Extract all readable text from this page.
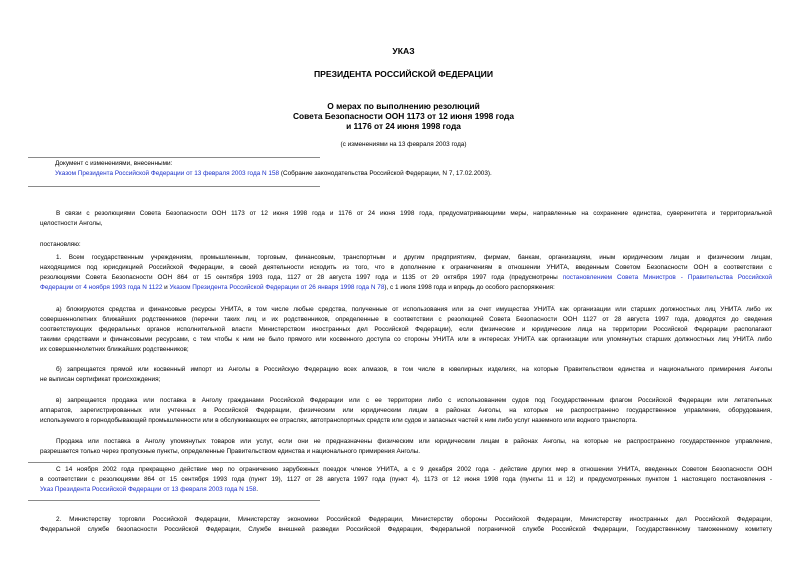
УКАЗ
ПРЕЗИДЕНТА РОССИЙСКОЙ ФЕДЕРАЦИИ
О мерах по выполнению резолюций
Совета Безопасности ООН 1173 от 12 июня 1998 года
и 1176 от 24 июня 1998 года
(с изменениями на 13 февраля 2003 года)
Документ с изменениями, внесенными:
Указом Президента Российской Федерации от 13 февраля 2003 года N 158 (Собрание законодательства Российской Федерации, N 7, 17.02.2003).
В связи с резолюциями Совета Безопасности ООН 1173 от 12 июня 1998 года и 1176 от 24 июня 1998 года, предусматривающими меры, направленные на сохранение единства, суверенитета и территориальной
целостности Анголы,
постановляю:
1. Всем государственным учреждениям, промышленным, торговым, финансовым, транспортным и другим предприятиям, фирмам, банкам, организациям, иным юридическим лицам и физическим лицам,
находящимся под юрисдикцией Российской Федерации, в своей деятельности исходить из того, что в дополнение к ограничениям в отношении УНИТА, введенным Советом Безопасности ООН в соответствии с
резолюциями Совета Безопасности ООН 864 от 15 сентября 1993 года, 1127 от 28 августа 1997 года и 1135 от 29 октября 1997 года (предусмотрены постановлением Совета Министров - Правительства Российской
Федерации от 4 ноября 1993 года N 1122 и Указом Президента Российской Федерации от 26 января 1998 года N 78), с 1 июля 1998 года и впредь до особого распоряжения:
а) блокируются средства и финансовые ресурсы УНИТА, в том числе любые средства, полученные от использования или за счет имущества УНИТА как организации или старших должностных лиц УНИТА либо их
совершеннолетних ближайших родственников (перечни таких лиц и их родственников, определенные в соответствии с резолюцией Совета Безопасности ООН 1127 от 28 августа 1997 года, доводятся до сведения
соответствующих федеральных органов исполнительной власти Министерством иностранных дел Российской Федерации), если физические и юридические лица на территории Российской Федерации располагают
такими средствами и финансовыми ресурсами, с тем чтобы к ним не было прямого или косвенного доступа со стороны УНИТА или в интересах УНИТА как организации или упомянутых старших должностных лиц УНИТА либо
их совершеннолетних ближайших родственников;
б) запрещается прямой или косвенный импорт из Анголы в Российскую Федерацию всех алмазов, в том числе в ювелирных изделиях, на которые Правительством единства и национального примирения Анголы
не выписан сертификат происхождения;
в) запрещается продажа или поставка в Анголу гражданами Российской Федерации или с ее территории либо с использованием судов под Государственным флагом Российской Федерации или летательных
аппаратов, зарегистрированных или учтенных в Российской Федерации, физическим или юридическим лицам в районах Анголы, на которые не распространено государственное управление, оборудования,
используемого в горнодобывающей промышленности или в обслуживающих ее отраслях, автотранспортных средств или судов и запасных частей к ним либо услуг наземного или водного транспорта.
Продажа или поставка в Анголу упомянутых товаров или услуг, если они не предназначены физическим или юридическим лицам в районах Анголы, на которые не распространено государственное управление,
разрешается только через пропускные пункты, определенные Правительством единства и национального примирения Анголы.
С 14 ноября 2002 года прекращено действие мер по ограничению зарубежных поездок членов УНИТА, а с 9 декабря 2002 года - действие других мер в отношении УНИТА, введенных Советом Безопасности ООН
в соответствии с резолюциями 864 от 15 сентября 1993 года (пункт 19), 1127 от 28 августа 1997 года (пункт 4), 1173 от 12 июня 1998 года (пункты 11 и 12) и предусмотренных пунктом 1 настоящего постановления -
Указ Президента Российской Федерации от 13 февраля 2003 года N 158.
2. Министерству торговли Российской Федерации, Министерству экономики Российской Федерации, Министерству обороны Российской Федерации, Министерству иностранных дел Российской Федерации,
Федеральной службе безопасности Российской Федерации, Службе внешней разведки Российской Федерации, Федеральной пограничной службе Российской Федерации, Государственному таможенному комитету
